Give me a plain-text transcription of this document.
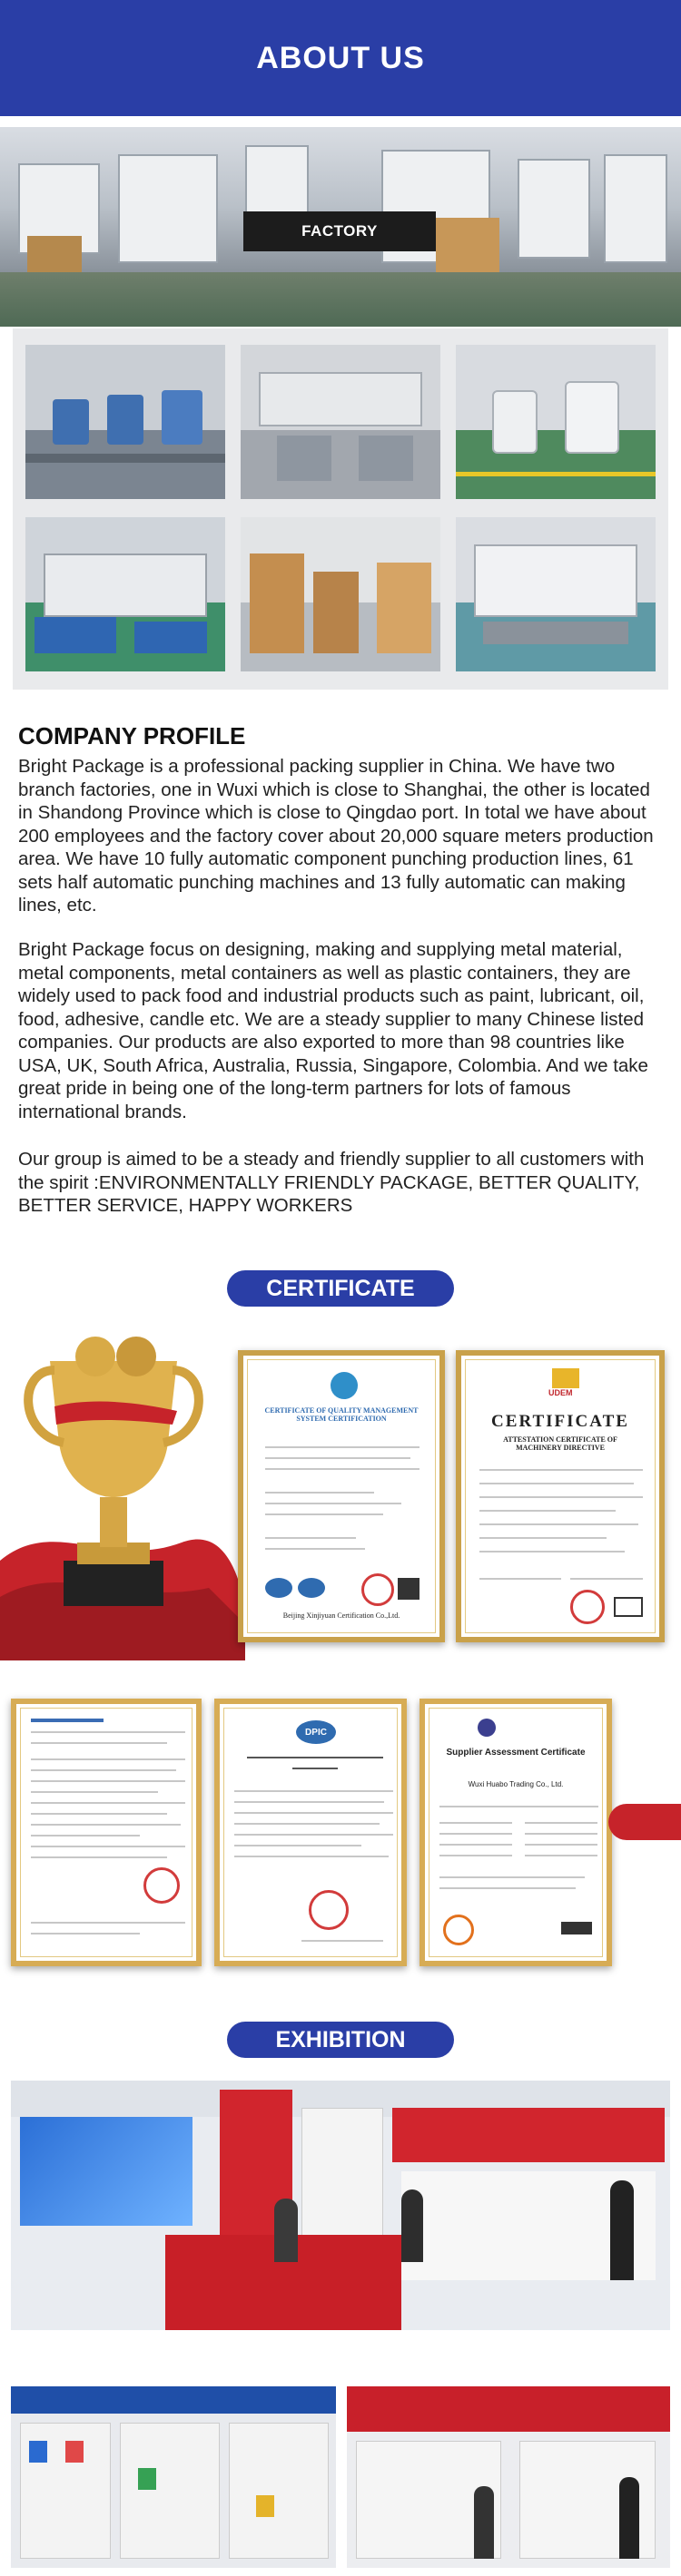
ABOUT US
FACTORY
COMPANY PROFILE

Bright Package is a professional packing supplier in China. We have two branch factories, one in Wuxi which is close to Shanghai, the other is located in Shandong Province which is close to Qingdao port. In total we have about 200 employees and the factory cover about 20,000 square meters production area. We have 10 fully automatic component punching production lines, 61 sets half automatic punching machines and 13 fully automatic can making lines, etc.

Bright Package focus on designing, making and supplying metal material, metal components, metal containers as well as plastic containers, they are widely used to pack food and industrial products such as paint, lubricant, oil, food, adhesive, candle etc. We are a steady supplier to many Chinese listed companies. Our products are also exported to more than 98 countries like USA, UK, South Africa, Australia, Russia, Singapore, Colombia. And we take great pride in being one of the long-term partners for lots of famous international brands.

Our group is aimed to be a steady and friendly supplier to all customers with the spirit :ENVIRONMENTALLY FRIENDLY PACKAGE, BETTER QUALITY, BETTER SERVICE, HAPPY WORKERS

CERTIFICATE
CERTIFICATE OF QUALITY MANAGEMENT SYSTEM CERTIFICATION
Beijing Xinjiyuan Certification Co.,Ltd.
UDEM
CERTIFICATE
ATTESTATION CERTIFICATE OF MACHINERY DIRECTIVE
DPIC
Supplier Assessment Certificate
Wuxi Huabo Trading Co., Ltd.
EXHIBITION
